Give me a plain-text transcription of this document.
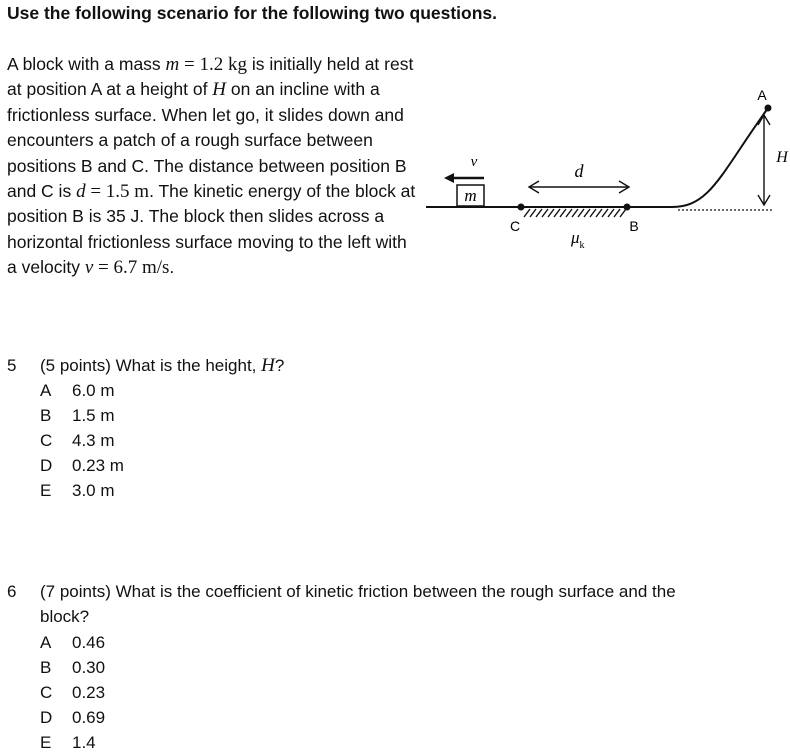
Use the following scenario for the following two questions.
A block with a mass m = 1.2 kg is initially held at rest at position A at a height of H on an incline with a frictionless surface. When let go, it slides down and encounters a patch of a rough surface between positions B and C. The distance between position B and C is d = 1.5 m. The kinetic energy of the block at position B is 35 J. The block then slides across a horizontal frictionless surface moving to the left with a velocity v = 6.7 m/s.
m
v	d
C	B
A
H
$\mu_k$
5 (5 points) What is the height, H?
A 6.0 m
B 1.5 m
C 4.3 m
D 0.23 m
E 3.0 m
6 (7 points) What is the coefficient of kinetic friction between the rough surface and the
block?
A 0.46
B 0.30
C 0.23
D 0.69
E 1.4
